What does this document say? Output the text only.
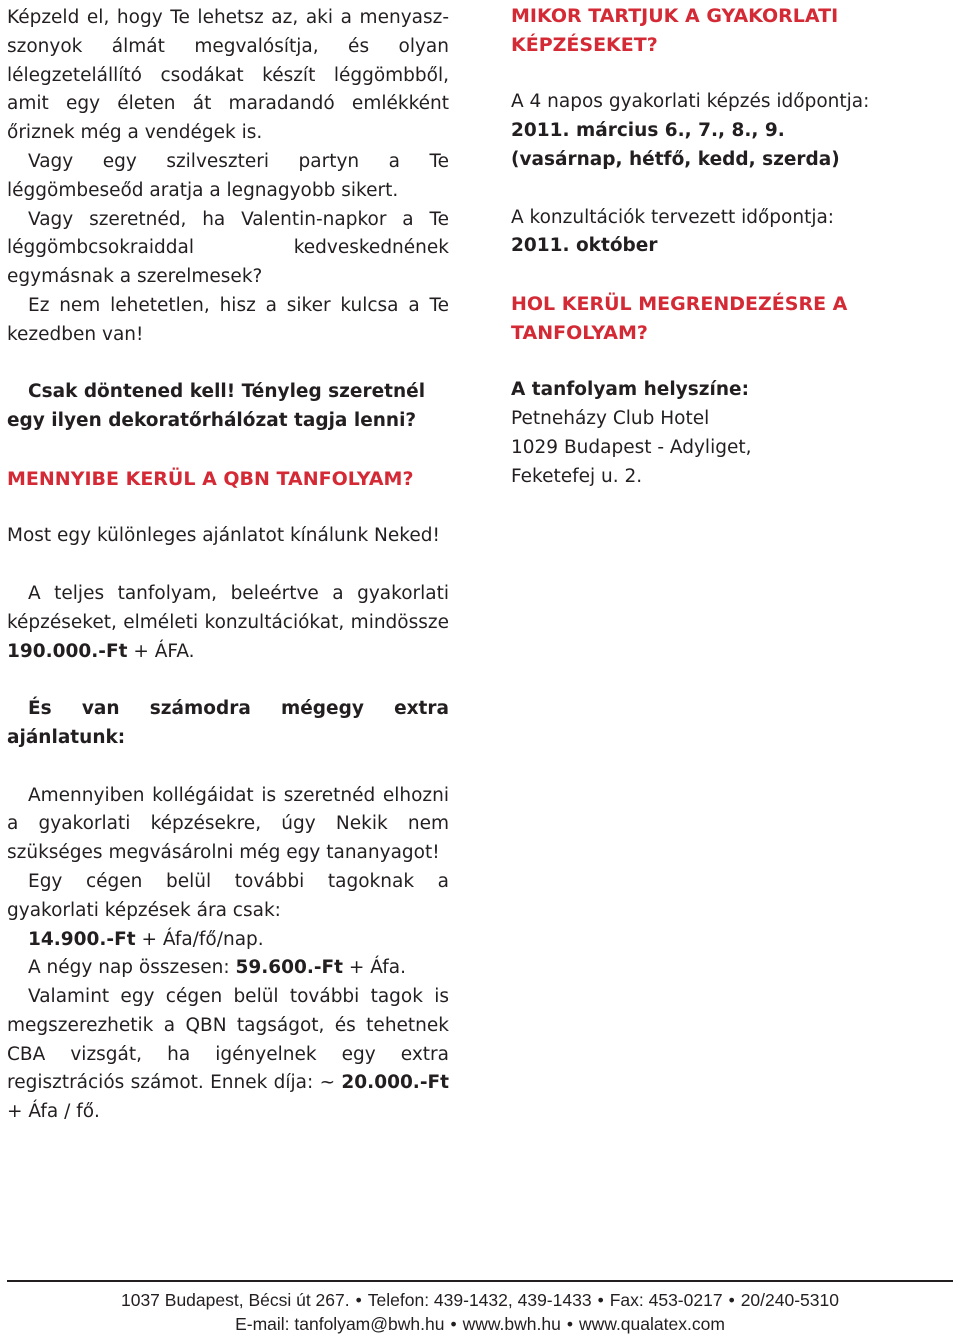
Képzeld el, hogy Te lehetsz az, aki a menyasz-szonyok álmát megvalósítja, és olyan lélegzetelállító csodákat készít léggömbből, amit egy életen át maradandó emlékként őriznek még a vendégek is.

Vagy egy szilveszteri partyn a Te léggömbeseőd aratja a legnagyobb sikert.

Vagy szeretnéd, ha Valentin-napkor a Te léggömbcsokraiddal kedveskednének egymásnak a szerelmesek?

Ez nem lehetetlen, hisz a siker kulcsa a Te kezedben van!

Csak döntened kell! Tényleg szeretnél egy ilyen dekoratőrhálózat tagja lenni?

MENNYIBE KERÜL A QBN TANFOLYAM?

Most egy különleges ajánlatot kínálunk Neked!

A teljes tanfolyam, beleértve a gyakorlati képzéseket, elméleti konzultációkat, mindössze 190.000.-Ft + ÁFA.

És van számodra mégegy extra ajánlatunk:

Amennyiben kollégáidat is szeretnéd elhozni a gyakorlati képzésekre, úgy Nekik nem szükséges megvásárolni még egy tananyagot!

Egy cégen belül további tagoknak a gyakorlati képzések ára csak:

14.900.-Ft + Áfa/fő/nap.

A négy nap összesen: 59.600.-Ft + Áfa.

Valamint egy cégen belül további tagok is megszerezhetik a QBN tagságot, és tehetnek CBA vizsgát, ha igényelnek egy extra regisztrációs számot. Ennek díja: ~ 20.000.-Ft + Áfa / fő.

MIKOR TARTJUK A GYAKORLATI KÉPZÉSEKET?

A 4 napos gyakorlati képzés időpontja:

2011. március 6., 7., 8., 9.

(vasárnap, hétfő, kedd, szerda)

A konzultációk tervezett időpontja:

2011. október

HOL KERÜL MEGRENDEZÉSRE A TANFOLYAM?

A tanfolyam helyszíne:

Petneházy Club Hotel

1029 Budapest - Adyliget,

Feketefej u. 2.

1037 Budapest, Bécsi út 267. • Telefon: 439-1432, 439-1433 • Fax: 453-0217 • 20/240-5310
E-mail: tanfolyam@bwh.hu • www.bwh.hu • www.qualatex.com
